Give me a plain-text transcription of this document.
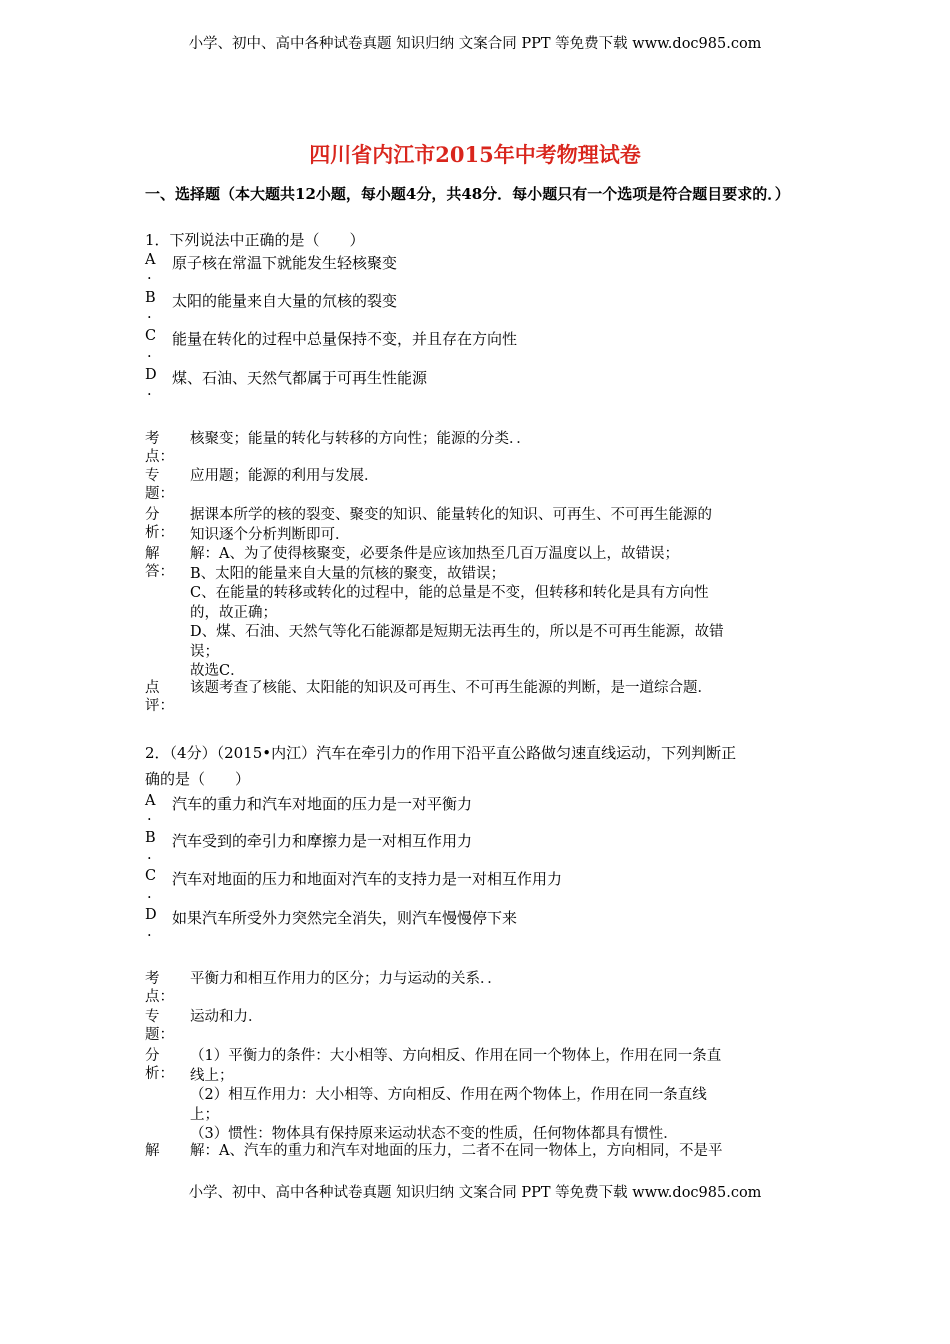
小学、初中、高中各种试卷真题 知识归纳 文案合同 PPT 等免费下载 www.doc985.com
四川省内江市2015年中考物理试卷
一、选择题（本大题共12小题，每小题4分，共48分．每小题只有一个选项是符合题目要求的．）
1．下列说法中正确的是（　　）
A
.
原子核在常温下就能发生轻核聚变
B
.
太阳的能量来自大量的氘核的裂变
C
.
能量在转化的过程中总量保持不变，并且存在方向性
D
.
煤、石油、天然气都属于可再生性能源
考
点：
核聚变；能量的转化与转移的方向性；能源的分类．．
专
题：
应用题；能源的利用与发展．
分
析：
据课本所学的核的裂变、聚变的知识、能量转化的知识、可再生、不可再生能源的
知识逐个分析判断即可．
解
答：
解：A、为了使得核聚变，必要条件是应该加热至几百万温度以上，故错误；
B、太阳的能量来自大量的氘核的聚变，故错误；
C、在能量的转移或转化的过程中，能的总量是不变，但转移和转化是具有方向性
的，故正确；
D、煤、石油、天然气等化石能源都是短期无法再生的，所以是不可再生能源，故错
误；
故选C．
点
评：
该题考查了核能、太阳能的知识及可再生、不可再生能源的判断，是一道综合题．
2．（4分）（2015•内江）汽车在牵引力的作用下沿平直公路做匀速直线运动，下列判断正
确的是（　　）
A
.
汽车的重力和汽车对地面的压力是一对平衡力
B
.
汽车受到的牵引力和摩擦力是一对相互作用力
C
.
汽车对地面的压力和地面对汽车的支持力是一对相互作用力
D
.
如果汽车所受外力突然完全消失，则汽车慢慢停下来
考
点：
平衡力和相互作用力的区分；力与运动的关系．．
专
题：
运动和力．
分
析：
（1）平衡力的条件：大小相等、方向相反、作用在同一个物体上，作用在同一条直
线上；
（2）相互作用力：大小相等、方向相反、作用在两个物体上，作用在同一条直线
上；
（3）惯性：物体具有保持原来运动状态不变的性质，任何物体都具有惯性．
解	解：A、汽车的重力和汽车对地面的压力，二者不在同一物体上，方向相同，不是平
小学、初中、高中各种试卷真题 知识归纳 文案合同 PPT 等免费下载 www.doc985.com
